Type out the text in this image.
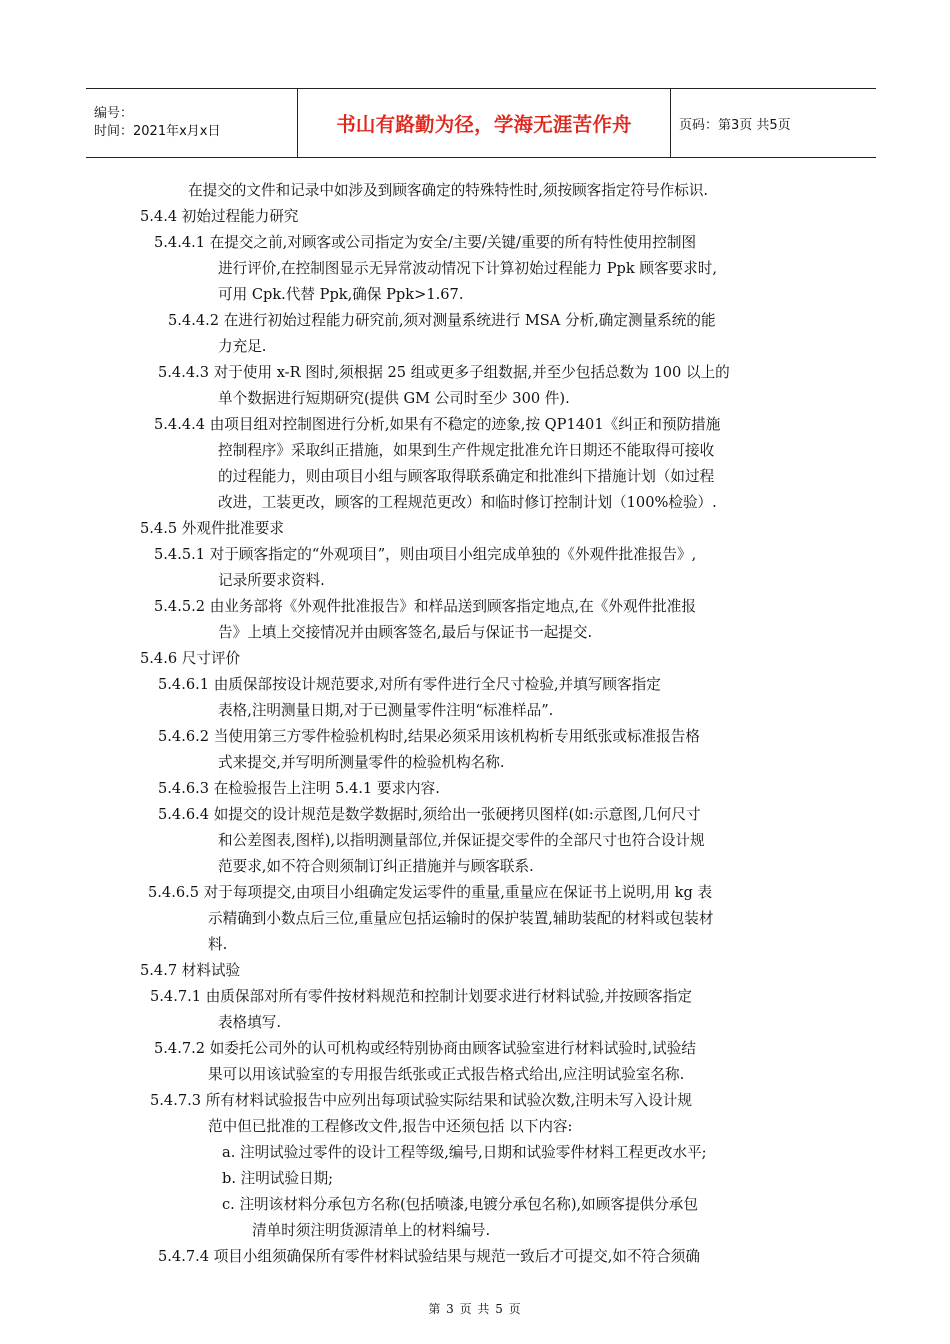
编号：
时间：2021年x月x日	书山有路勤为径，学海无涯苦作舟	页码：第3页 共5页
在提交的文件和记录中如涉及到顾客确定的特殊特性时,须按顾客指定符号作标识.
5.4.4 初始过程能力研究
5.4.4.1 在提交之前,对顾客或公司指定为安全/主要/关键/重要的所有特性使用控制图
进行评价,在控制图显示无异常波动情况下计算初始过程能力 Ppk 顾客要求时,
可用 Cpk.代替 Ppk,确保 Ppk>1.67.
5.4.4.2 在进行初始过程能力研究前,须对测量系统进行 MSA 分析,确定测量系统的能
力充足.
5.4.4.3 对于使用 x-R 图时,须根据 25 组或更多子组数据,并至少包括总数为 100 以上的
单个数据进行短期研究(提供 GM 公司时至少 300 件).
5.4.4.4 由项目组对控制图进行分析,如果有不稳定的迹象,按 QP1401《纠正和预防措施
控制程序》采取纠正措施，如果到生产件规定批准允许日期还不能取得可接收
的过程能力，则由项目小组与顾客取得联系确定和批准纠下措施计划（如过程
改进，工装更改，顾客的工程规范更改）和临时修订控制计划（100%检验）.
5.4.5 外观件批准要求
5.4.5.1 对于顾客指定的“外观项目”，则由项目小组完成单独的《外观件批准报告》,
记录所要求资料.
5.4.5.2 由业务部将《外观件批准报告》和样品送到顾客指定地点,在《外观件批准报
告》上填上交接情况并由顾客签名,最后与保证书一起提交.
5.4.6 尺寸评价
5.4.6.1 由质保部按设计规范要求,对所有零件进行全尺寸检验,并填写顾客指定
表格,注明测量日期,对于已测量零件注明“标准样品”.
5.4.6.2 当使用第三方零件检验机构时,结果必须采用该机构析专用纸张或标准报告格
式来提交,并写明所测量零件的检验机构名称.
5.4.6.3 在检验报告上注明 5.4.1 要求内容.
5.4.6.4 如提交的设计规范是数学数据时,须给出一张硬拷贝图样(如:示意图,几何尺寸
和公差图表,图样),以指明测量部位,并保证提交零件的全部尺寸也符合设计规
范要求,如不符合则须制订纠正措施并与顾客联系.
5.4.6.5 对于每项提交,由项目小组确定发运零件的重量,重量应在保证书上说明,用 kg 表
示精确到小数点后三位,重量应包括运输时的保护装置,辅助装配的材料或包装材
料.
5.4.7 材料试验
5.4.7.1 由质保部对所有零件按材料规范和控制计划要求进行材料试验,并按顾客指定
表格填写.
5.4.7.2 如委托公司外的认可机构或经特别协商由顾客试验室进行材料试验时,试验结
果可以用该试验室的专用报告纸张或正式报告格式给出,应注明试验室名称.
5.4.7.3 所有材料试验报告中应列出每项试验实际结果和试验次数,注明未写入设计规
范中但已批准的工程修改文件,报告中还须包括 以下内容:
a. 注明试验过零件的设计工程等级,编号,日期和试验零件材料工程更改水平;
b. 注明试验日期;
c. 注明该材料分承包方名称(包括喷漆,电镀分承包名称),如顾客提供分承包
清单时须注明货源清单上的材料编号.
5.4.7.4 项目小组须确保所有零件材料试验结果与规范一致后才可提交,如不符合须确
第 3 页 共 5 页
